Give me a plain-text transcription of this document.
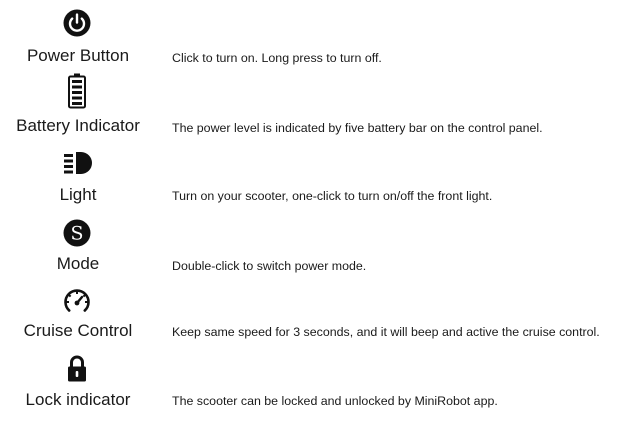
Power Button	Click to turn on. Long press to turn off.
Battery Indicator	The power level is indicated by five battery bar on the control panel.
Light	Turn on your scooter, one-click to turn on/off the front light.
S
Mode	Double-click to switch power mode.
Cruise Control	Keep same speed for 3 seconds, and it will beep and active the cruise control.
Lock indicator	The scooter can be locked and unlocked by MiniRobot app.
